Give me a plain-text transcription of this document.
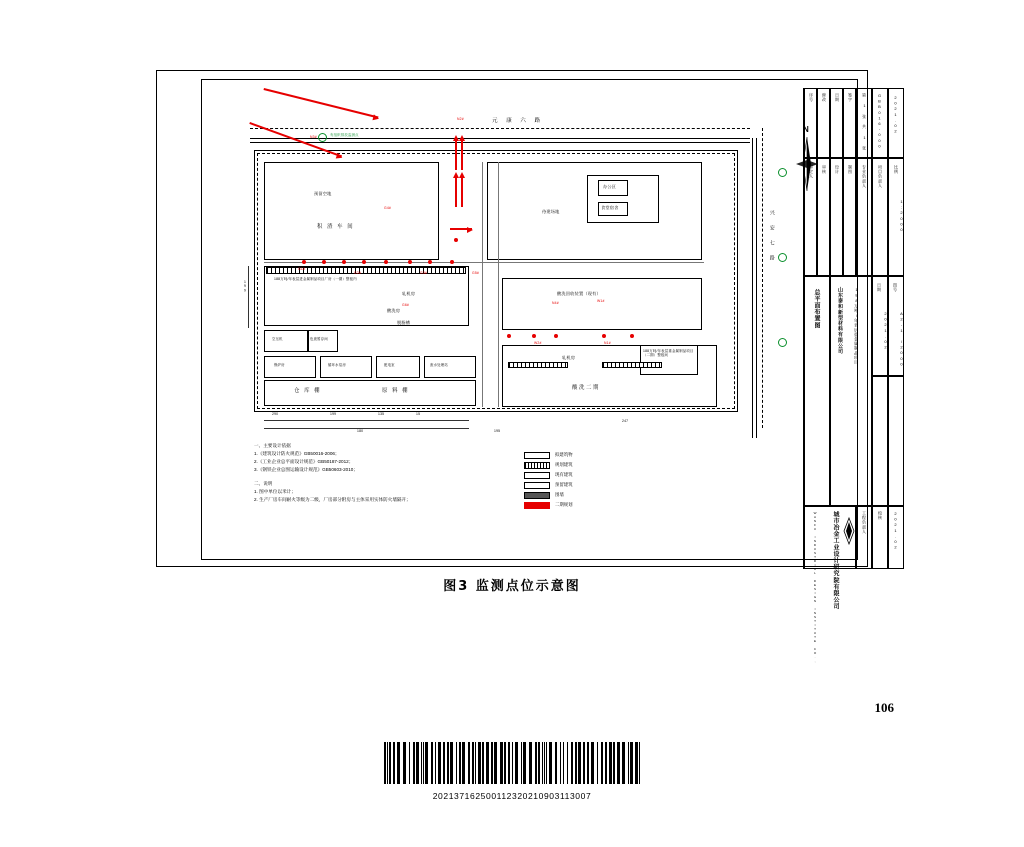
元 康 六 路
兴 安 七 路
预留空地
积 渣 车 间
待建场地
办公区
食堂宿舍
188万吨/年表层进金属制品项目厂房（一期）整板内
轧机房
酸洗房
脱脂槽
空压机	危废暂存间
锅炉房	循环水泵房	配电室	废水处理站
仓 库 棚	原 料 棚	酸洗二期
轧机房
酸洗回收装置（现有）
188万吨/年表层重金属制品项目（二期）整板间
290	199	135	15
180	195
247
199
G1#
G2#	G3#
G4#
G5#
G6#
W1#
W2#	N1#
N2#
N3#
N4#
有组织排放监测点
拟建筑物
规划建筑
现有建筑
预留建筑
围墙
二期规划
一、主要设计依据
1.《建筑设计防火规范》GB50016-2006；
2.《工业企业总平面设计规范》GB50187-2012；
3.《钢铁企业总图运输设计规范》GB50603-2010；
二、说明
1. 图中单位以米计；
2. 生产厂房车间耐火等级为二级，厂房部分附房与主体采用实体防火墙隔开；
N	2021.02
GBB016-000
第 1 张 共 1 张
序号 修改 日期 签字
审定人 审核 设计 制图 专业负责人	项目负责人	比例
1:2000
图号
A2-1 /2000
日期
2021.02
山东泰和新型材料有限公司	188万吨/年表层重金属制品项目
总平面布置图
城市冶金工业设计研究院有限公司
WANFU INDUSTRIAL DESIGN INSTITUTE CO.,	工程负责人	校核	2021.02
图3 监测点位示意图
106
202137162500112320210903113007
